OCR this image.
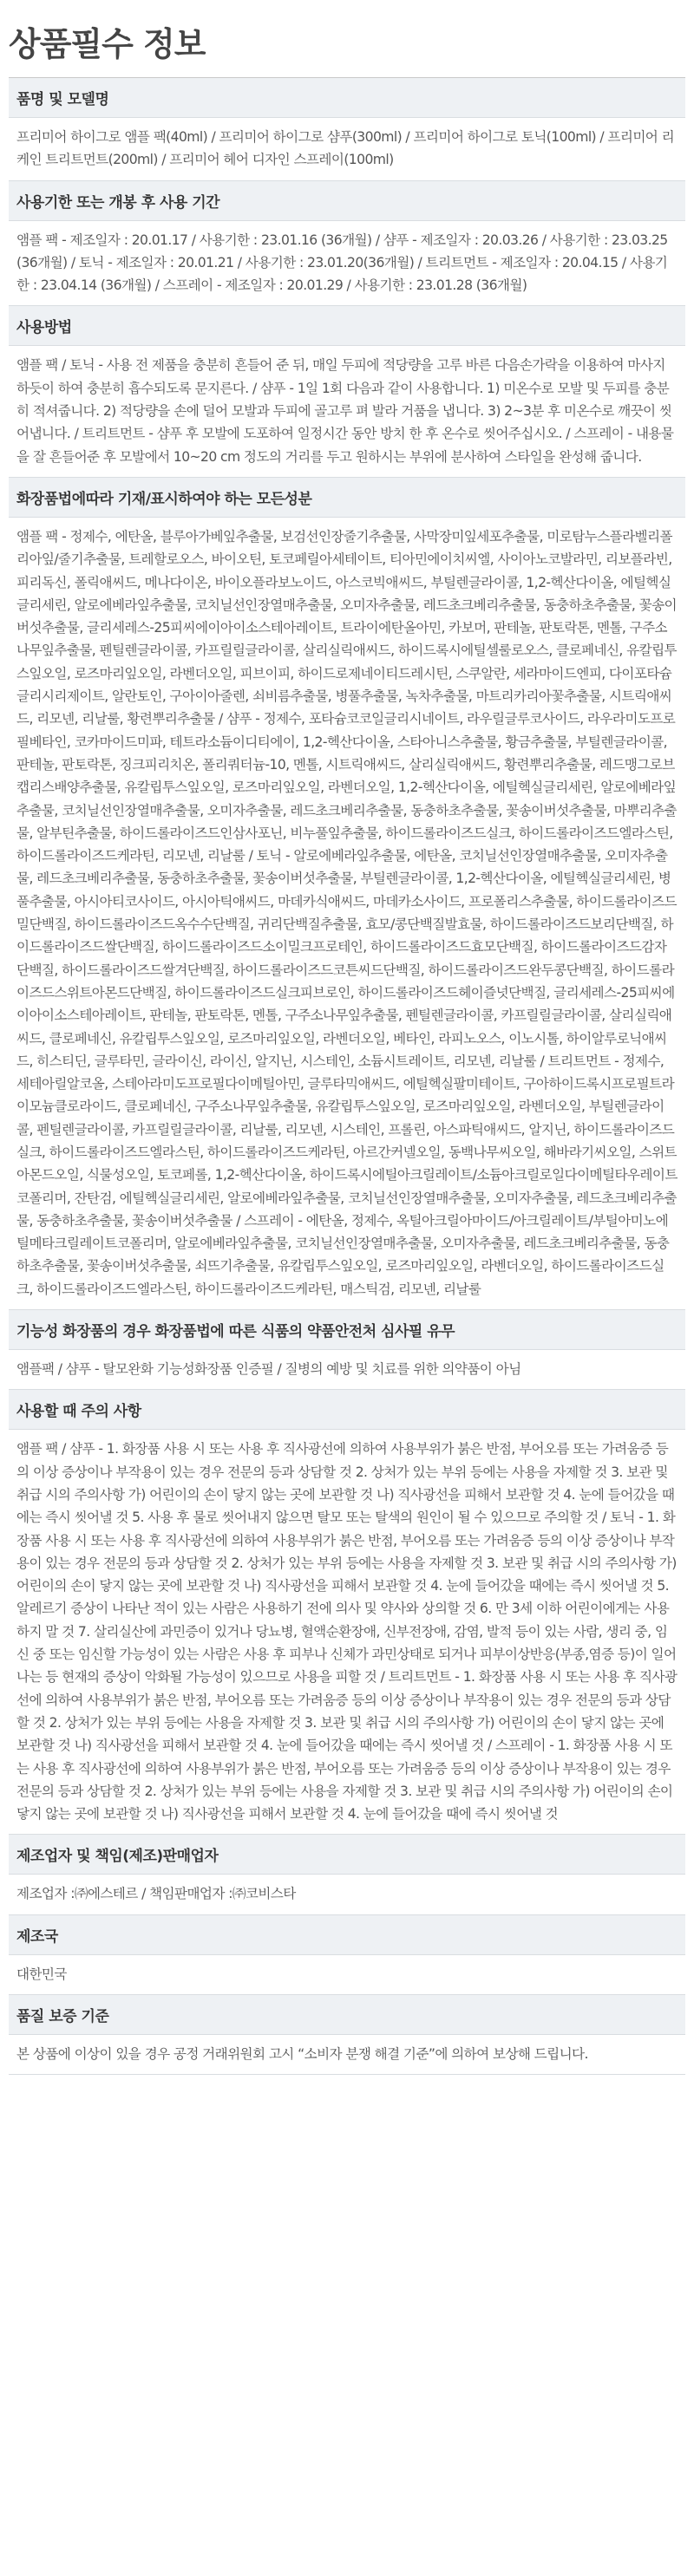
상품필수 정보
품명 및 모델명
프리미어 하이그로 앰플 팩(40ml) / 프리미어 하이그로 샴푸(300ml) / 프리미어 하이그로 토닉(100ml) / 프리미어 리케인 트리트먼트(200ml) / 프리미어 헤어 디자인 스프레이(100ml)
사용기한 또는 개봉 후 사용 기간
앰플 팩 - 제조일자 : 20.01.17 / 사용기한 : 23.01.16 (36개월) / 샴푸 - 제조일자 : 20.03.26 / 사용기한 : 23.03.25 (36개월) / 토닉 - 제조일자 : 20.01.21 / 사용기한 : 23.01.20(36개월) / 트리트먼트 - 제조일자 : 20.04.15 / 사용기한 : 23.04.14 (36개월) / 스프레이 - 제조일자 : 20.01.29 / 사용기한 : 23.01.28 (36개월)
사용방법
앰플 팩 / 토닉 - 사용 전 제품을 충분히 흔들어 준 뒤, 매일 두피에 적당량을 고루 바른 다음손가락을 이용하여 마사지 하듯이 하여 충분히 흡수되도록 문지른다. / 샴푸 - 1일 1회 다음과 같이 사용합니다. 1) 미온수로 모발 및 두피를 충분히 적셔줍니다. 2) 적당량을 손에 덜어 모발과 두피에 골고루 펴 발라 거품을 냅니다. 3) 2~3분 후 미온수로 깨끗이 씻어냅니다. / 트리트먼트 - 샴푸 후 모발에 도포하여 일정시간 동안 방치 한 후 온수로 씻어주십시오. / 스프레이 - 내용물을 잘 흔들어준 후 모발에서 10~20 cm 정도의 거리를 두고 원하시는 부위에 분사하여 스타일을 완성해 줍니다.
화장품법에따라 기재/표시하여야 하는 모든성분
앰플 팩 - 정제수, 에탄올, 블루아가베잎추출물, 보검선인장줄기추출물, 사막장미잎세포추출물, 미로탐누스플라벨리폴리아잎/줄기추출물, 트레할로오스, 바이오틴, 토코페릴아세테이트, 티아민에이치씨엘, 사이아노코발라민, 리보플라빈, 피리독신, 폴릭애씨드, 메나다이온, 바이오플라보노이드, 아스코빅애씨드, 부틸렌글라이콜, 1,2-헥산다이올, 에틸헥실글리세린, 알로에베라잎추출물, 코치닐선인장열매추출물, 오미자추출물, 레드초크베리추출물, 동충하초추출물, 꽃송이버섯추출물, 글리세레스-25피씨에이아이소스테아레이트, 트라이에탄올아민, 카보머, 판테놀, 판토락톤, 멘톨, 구주소나무잎추출물, 펜틸렌글라이콜, 카프릴릴글라이콜, 살리실릭애씨드, 하이드록시에틸셀룰로오스, 클로페네신, 유칼립투스잎오일, 로즈마리잎오일, 라벤더오일, 피브이피, 하이드로제네이티드레시틴, 스쿠알란, 세라마이드엔피, 다이포타슘글리시리제이트, 알란토인, 구아이아줄렌, 쇠비름추출물, 병풀추출물, 녹차추출물, 마트리카리아꽃추출물, 시트릭애씨드, 리모넨, 리날룰, 황련뿌리추출물 / 샴푸 - 정제수, 포타슘코코일글리시네이트, 라우릴글루코사이드, 라우라미도프로필베타인, 코카마이드미파, 테트라소듐이디티에이, 1,2-헥산다이올, 스타아니스추출물, 황금추출물, 부틸렌글라이콜, 판테놀, 판토락톤, 징크피리치온, 폴리쿼터늄-10, 멘톨, 시트릭애씨드, 살리실릭애씨드, 황련뿌리추출물, 레드맹그로브캡리스배양추출물, 유칼립투스잎오일, 로즈마리잎오일, 라벤더오일, 1,2-헥산다이올, 에틸헥실글리세린, 알로에베라잎추출물, 코치닐선인장열매추출물, 오미자추출물, 레드초크베리추출물, 동충하초추출물, 꽃송이버섯추출물, 마뿌리추출물, 알부틴추출물, 하이드롤라이즈드인삼사포닌, 비누풀잎추출물, 하이드롤라이즈드실크, 하이드롤라이즈드엘라스틴, 하이드롤라이즈드케라틴, 리모넨, 리날룰 / 토닉 - 알로에베라잎추출물, 에탄올, 코치닐선인장열매추출물, 오미자추출물, 레드초크베리추출물, 동충하초추출물, 꽃송이버섯추출물, 부틸렌글라이콜, 1,2-헥산다이올, 에틸헥실글리세린, 병풀추출물, 아시아티코사이드, 아시아틱애씨드, 마데카식애씨드, 마데카소사이드, 프로폴리스추출물, 하이드롤라이즈드밀단백질, 하이드롤라이즈드옥수수단백질, 귀리단백질추출물, 효모/콩단백질발효물, 하이드롤라이즈드보리단백질, 하이드롤라이즈드쌀단백질, 하이드롤라이즈드소이밀크프로테인, 하이드롤라이즈드효모단백질, 하이드롤라이즈드감자단백질, 하이드롤라이즈드쌀겨단백질, 하이드롤라이즈드코튼씨드단백질, 하이드롤라이즈드완두콩단백질, 하이드롤라이즈드스위트아몬드단백질, 하이드롤라이즈드실크피브로인, 하이드롤라이즈드헤이즐넛단백질, 글리세레스-25피씨에이아이소스테아레이트, 판테놀, 판토락톤, 멘톨, 구주소나무잎추출물, 펜틸렌글라이콜, 카프릴릴글라이콜, 살리실릭애씨드, 클로페네신, 유칼립투스잎오일, 로즈마리잎오일, 라벤더오일, 베타인, 라피노오스, 이노시톨, 하이알루로닉애씨드, 히스티딘, 글루타민, 글라이신, 라이신, 알지닌, 시스테인, 소듐시트레이트, 리모넨, 리날룰 / 트리트먼트 - 정제수, 세테아릴알코올, 스테아라미도프로필다이메틸아민, 글루타믹애씨드, 에틸헥실팔미테이트, 구아하이드록시프로필트라이모늄클로라이드, 클로페네신, 구주소나무잎추출물, 유칼립투스잎오일, 로즈마리잎오일, 라벤더오일, 부틸렌글라이콜, 펜틸렌글라이콜, 카프릴릴글라이콜, 리날룰, 리모넨, 시스테인, 프롤린, 아스파틱애씨드, 알지닌, 하이드롤라이즈드실크, 하이드롤라이즈드엘라스틴, 하이드롤라이즈드케라틴, 아르간커넬오일, 동백나무씨오일, 해바라기씨오일, 스위트아몬드오일, 식물성오일, 토코페롤, 1,2-헥산다이올, 하이드록시에틸아크릴레이트/소듐아크릴로일다이메틸타우레이트코폴리머, 잔탄검, 에틸헥실글리세린, 알로에베라잎추출물, 코치닐선인장열매추출물, 오미자추출물, 레드초크베리추출물, 동충하초추출물, 꽃송이버섯추출물 / 스프레이 - 에탄올, 정제수, 옥틸아크릴아마이드/아크릴레이트/부틸아미노에틸메타크릴레이트코폴리머, 알로에베라잎추출물, 코치닐선인장열매추출물, 오미자추출물, 레드초크베리추출물, 동충하초추출물, 꽃송이버섯추출물, 쇠뜨기추출물, 유칼립투스잎오일, 로즈마리잎오일, 라벤더오일, 하이드롤라이즈드실크, 하이드롤라이즈드엘라스틴, 하이드롤라이즈드케라틴, 매스틱검, 리모넨, 리날룰
기능성 화장품의 경우 화장품법에 따른 식품의 약품안전처 심사필 유무
앰플팩 / 샴푸 - 탈모완화 기능성화장품 인증필 / 질병의 예방 및 치료를 위한 의약품이 아님
사용할 때 주의 사항
앰플 팩 / 샴푸 - 1. 화장품 사용 시 또는 사용 후 직사광선에 의하여 사용부위가 붉은 반점, 부어오름 또는 가려움증 등의 이상 증상이나 부작용이 있는 경우 전문의 등과 상담할 것 2. 상처가 있는 부위 등에는 사용을 자제할 것 3. 보관 및 취급 시의 주의사항 가) 어린이의 손이 닿지 않는 곳에 보관할 것 나) 직사광선을 피해서 보관할 것 4. 눈에 들어갔을 때에는 즉시 씻어낼 것 5. 사용 후 물로 씻어내지 않으면 탈모 또는 탈색의 원인이 될 수 있으므로 주의할 것 / 토닉 - 1. 화장품 사용 시 또는 사용 후 직사광선에 의하여 사용부위가 붉은 반점, 부어오름 또는 가려움증 등의 이상 증상이나 부작용이 있는 경우 전문의 등과 상담할 것 2. 상처가 있는 부위 등에는 사용을 자제할 것 3. 보관 및 취급 시의 주의사항 가) 어린이의 손이 닿지 않는 곳에 보관할 것 나) 직사광선을 피해서 보관할 것 4. 눈에 들어갔을 때에는 즉시 씻어낼 것 5. 알레르기 증상이 나타난 적이 있는 사람은 사용하기 전에 의사 및 약사와 상의할 것 6. 만 3세 이하 어린이에게는 사용하지 말 것 7. 살리실산에 과민증이 있거나 당뇨병, 혈액순환장애, 신부전장애, 감염, 발적 등이 있는 사람, 생리 중, 임신 중 또는 임신할 가능성이 있는 사람은 사용 후 피부나 신체가 과민상태로 되거나 피부이상반응(부종,염증 등)이 일어나는 등 현재의 증상이 악화될 가능성이 있으므로 사용을 피할 것 / 트리트먼트 - 1. 화장품 사용 시 또는 사용 후 직사광선에 의하여 사용부위가 붉은 반점, 부어오름 또는 가려움증 등의 이상 증상이나 부작용이 있는 경우 전문의 등과 상담할 것 2. 상처가 있는 부위 등에는 사용을 자제할 것 3. 보관 및 취급 시의 주의사항 가) 어린이의 손이 닿지 않는 곳에 보관할 것 나) 직사광선을 피해서 보관할 것 4. 눈에 들어갔을 때에는 즉시 씻어낼 것 / 스프레이 - 1. 화장품 사용 시 또는 사용 후 직사광선에 의하여 사용부위가 붉은 반점, 부어오름 또는 가려움증 등의 이상 증상이나 부작용이 있는 경우 전문의 등과 상담할 것 2. 상처가 있는 부위 등에는 사용을 자제할 것 3. 보관 및 취급 시의 주의사항 가) 어린이의 손이 닿지 않는 곳에 보관할 것 나) 직사광선을 피해서 보관할 것 4. 눈에 들어갔을 때에 즉시 씻어낼 것
제조업자 및 책임(제조)판매업자
제조업자 :㈜에스테르 / 책임판매업자 :㈜코비스타
제조국
대한민국
품질 보증 기준
본 상품에 이상이 있을 경우 공정 거래위원회 고시 “소비자 분쟁 해결 기준”에 의하여 보상해 드립니다.
